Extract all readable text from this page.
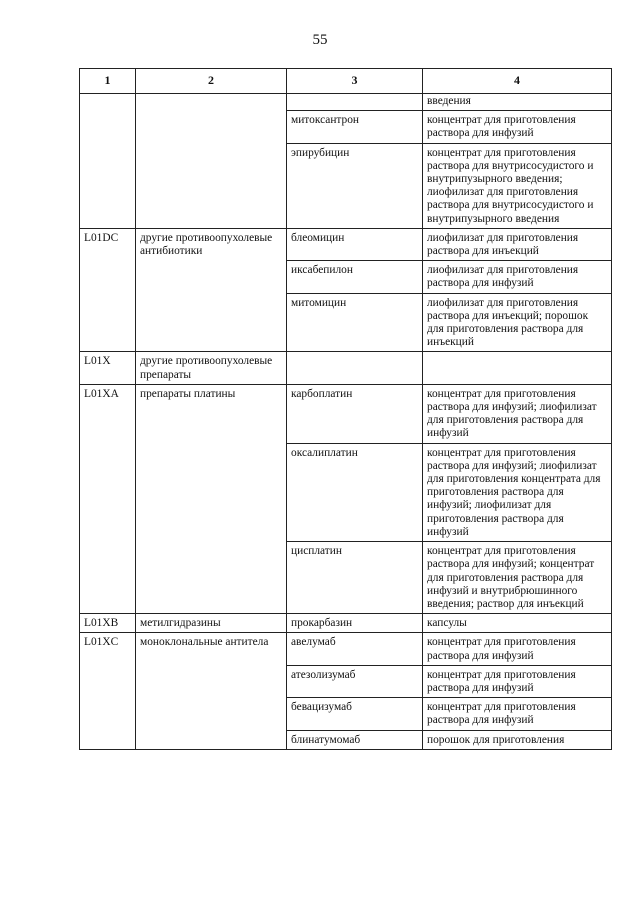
55
1	2	3	4
			введения
		митоксантрон	концентрат для приготовления раствора для инфузий
		эпирубицин	концентрат для приготовления раствора для внутрисосудистого и внутрипузырного введения; лиофилизат для приготовления раствора для внутрисосудистого и внутрипузырного введения
L01DC	другие противоопухолевые антибиотики	блеомицин	лиофилизат для приготовления раствора для инъекций
		иксабепилон	лиофилизат для приготовления раствора для инфузий
		митомицин	лиофилизат для приготовления раствора для инъекций; порошок для приготовления раствора для инъекций
L01X	другие противоопухолевые препараты		
L01XA	препараты платины	карбоплатин	концентрат для приготовления раствора для инфузий; лиофилизат для приготовления раствора для инфузий
		оксалиплатин	концентрат для приготовления раствора для инфузий; лиофилизат для приготовления концентрата для приготовления раствора для инфузий; лиофилизат для приготовления раствора для инфузий
		цисплатин	концентрат для приготовления раствора для инфузий; концентрат для приготовления раствора для инфузий и внутрибрюшинного введения; раствор для инъекций
L01XB	метилгидразины	прокарбазин	капсулы
L01XC	моноклональные антитела	авелумаб	концентрат для приготовления раствора для инфузий
		атезолизумаб	концентрат для приготовления раствора для инфузий
		бевацизумаб	концентрат для приготовления раствора для инфузий
		блинатумомаб	порошок для приготовления
